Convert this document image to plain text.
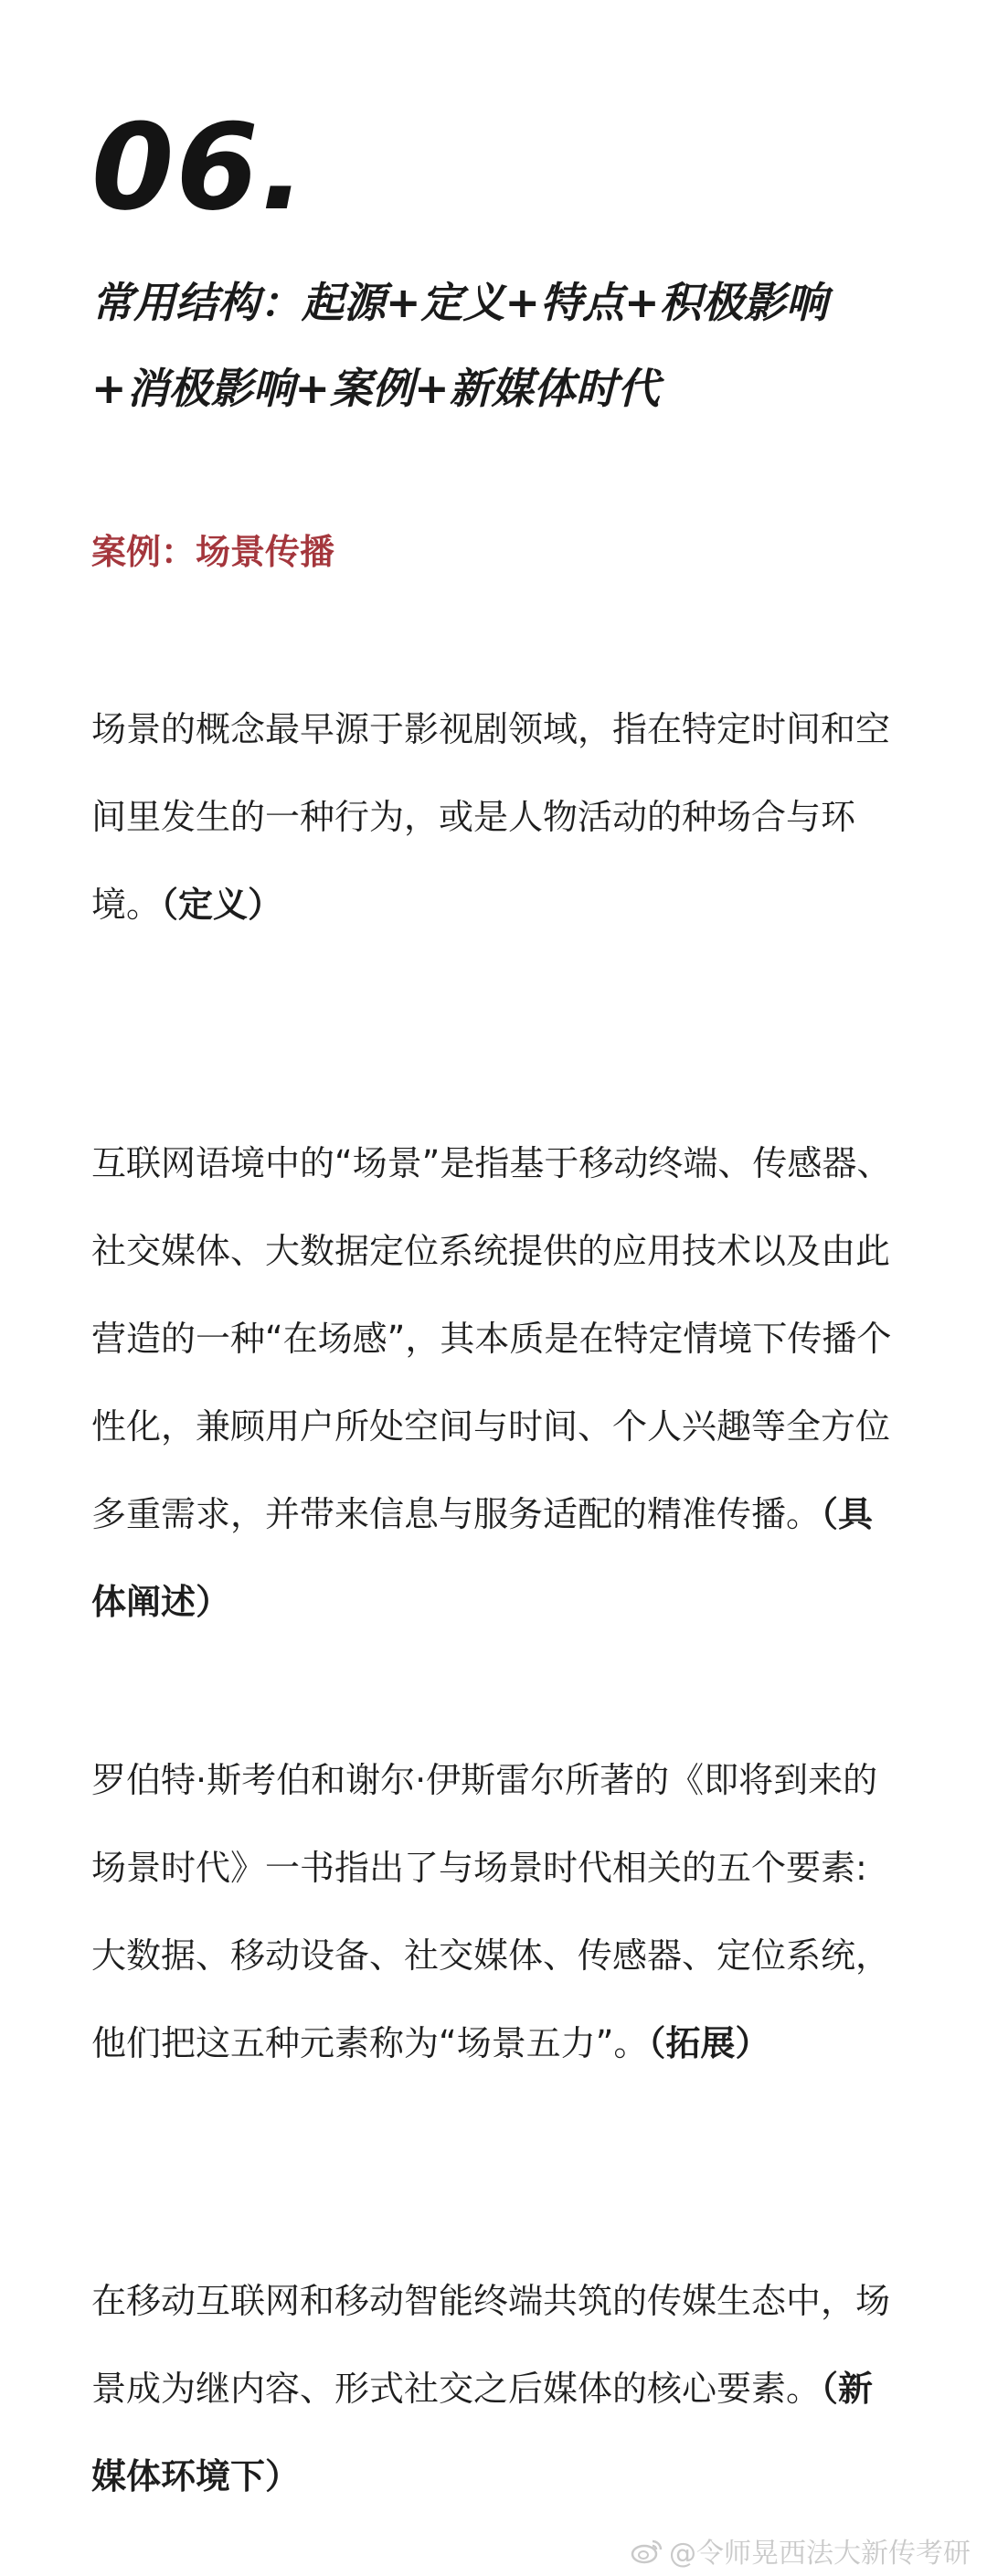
06.
常用结构：起源+定义+特点+积极影响+消极影响+案例+新媒体时代
案例：场景传播
场景的概念最早源于影视剧领域，指在特定时间和空间里发生的一种行为，或是人物活动的种场合与环境。（定义）
互联网语境中的“场景”是指基于移动终端、传感器、社交媒体、大数据定位系统提供的应用技术以及由此营造的一种“在场感”，其本质是在特定情境下传播个性化，兼顾用户所处空间与时间、个人兴趣等全方位多重需求，并带来信息与服务适配的精准传播。（具体阐述）
罗伯特·斯考伯和谢尔·伊斯雷尔所著的《即将到来的场景时代》一书指出了与场景时代相关的五个要素:大数据、移动设备、社交媒体、传感器、定位系统，他们把这五种元素称为“场景五力”。（拓展）
在移动互联网和移动智能终端共筑的传媒生态中，场景成为继内容、形式社交之后媒体的核心要素。（新媒体环境下）
@令师晃西法大新传考研
